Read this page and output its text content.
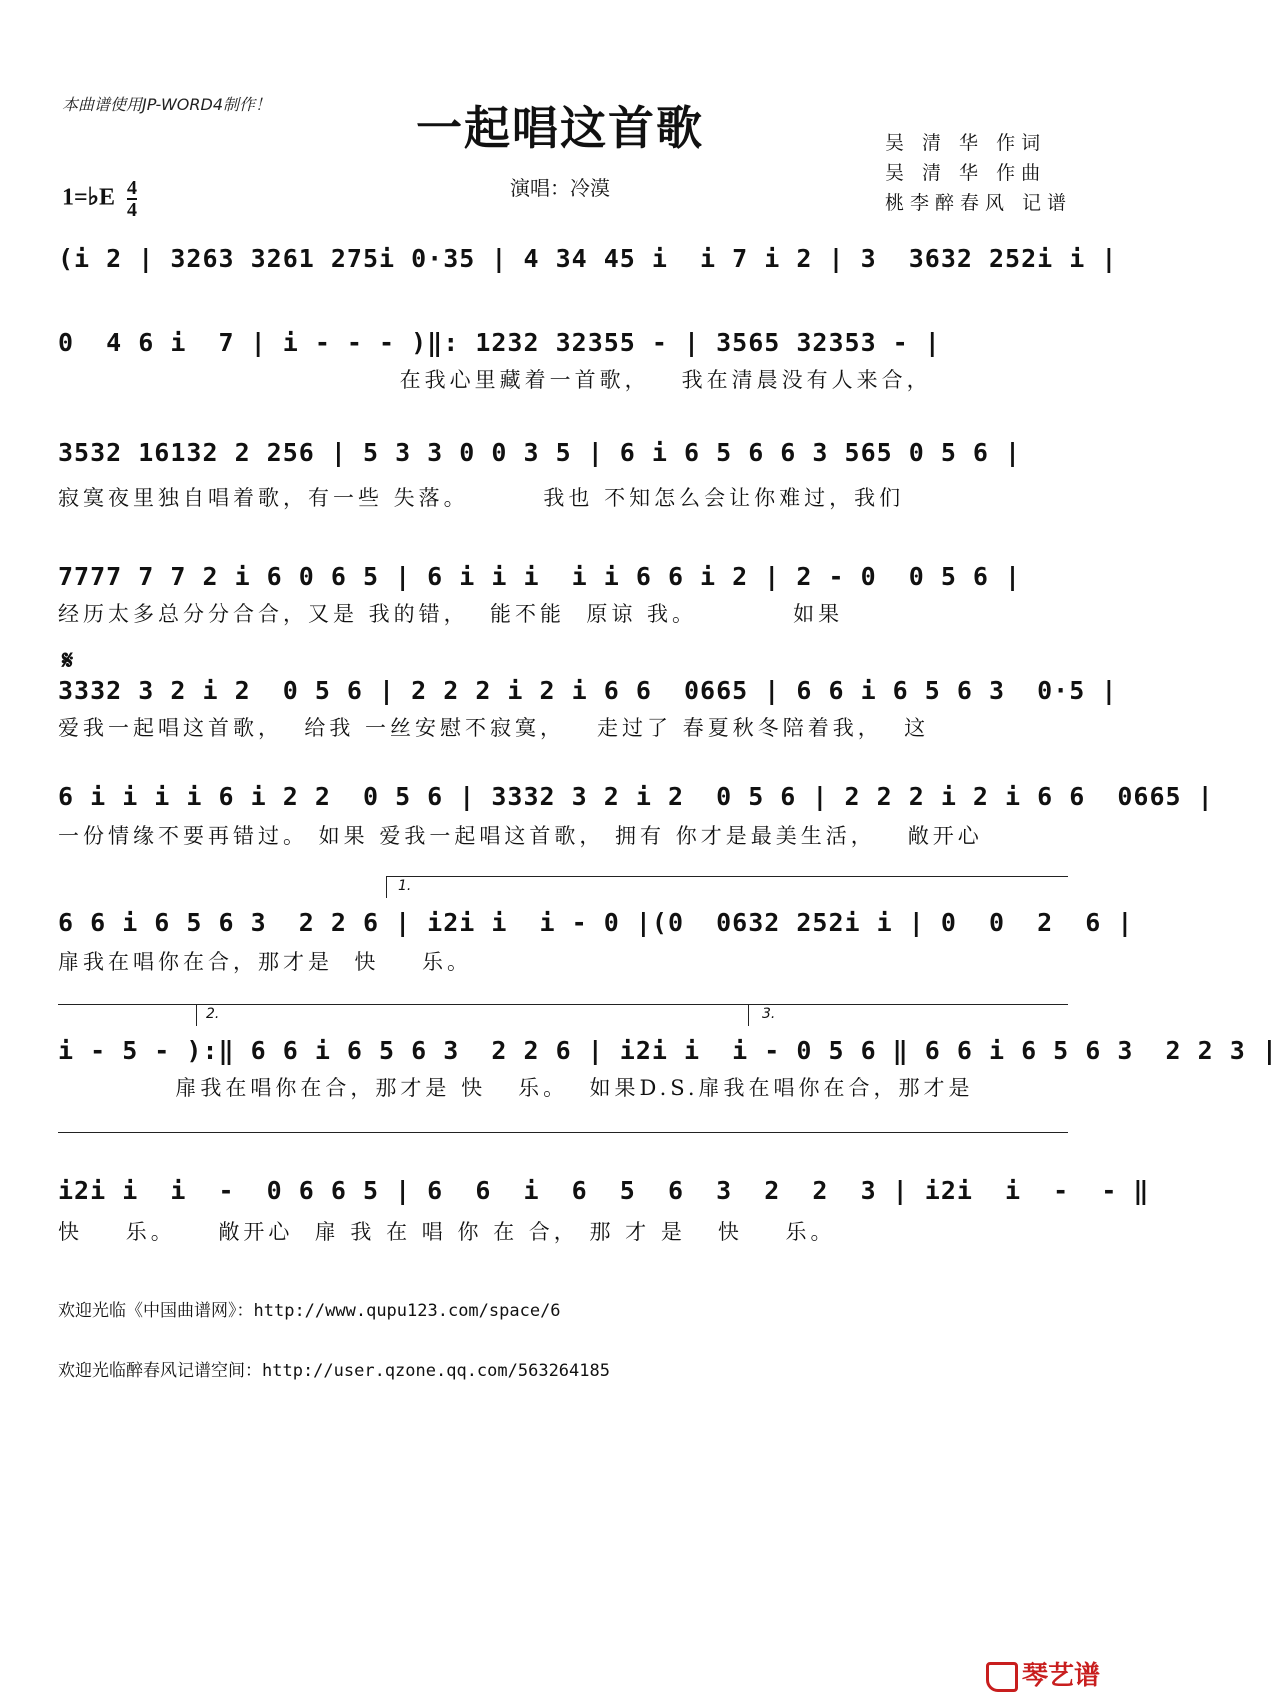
本曲谱使用JP-WORD4制作！	一起唱这首歌	吴 清 华 作词
吴 清 华 作曲
桃李醉春风 记谱
1=♭E $\frac{4}{4}$	演唱：冷漠
(i 2 | 3263 3261 275i 0·35 | 4 34 45 i  i 7 i 2 | 3  3632 252i i |
0  4 6 i  7 | i - - - )‖: 1232 32355 - | 3565 32353 - |
在我心里藏着一首歌，   我在清晨没有人来合，
3532 16132 2 256 | 5 3 3 0 0 3 5 | 6 i 6 5 6 6 3 565 0 5 6 |
寂寞夜里独自唱着歌，有一些 失落。       我也 不知怎么会让你难过，我们
7777 7 7 2 i 6 0 6 5 | 6 i i i  i i 6 6 i 2 | 2 - 0  0 5 6 |
经历太多总分分合合，又是 我的错，  能不能  原谅 我。         如果
𝄋
3332 3 2 i 2  0 5 6 | 2 2 2 i 2 i 6 6  0665 | 6 6 i 6 5 6 3  0·5 |
爱我一起唱这首歌，  给我 一丝安慰不寂寞，   走过了 春夏秋冬陪着我，  这
6 i i i i 6 i 2 2  0 5 6 | 3332 3 2 i 2  0 5 6 | 2 2 2 i 2 i 6 6  0665 |
一份情缘不要再错过。 如果 爱我一起唱这首歌， 拥有 你才是最美生活，   敞开心
1.
6 6 i 6 5 6 3  2 2 6 | i2i i  i - 0 |(0  0632 252i i | 0  0  2  6 |
扉我在唱你在合，那才是  快    乐。
2.	3.
i - 5 - ):‖ 6 6 i 6 5 6 3  2 2 6 | i2i i  i - 0 5 6 ‖ 6 6 i 6 5 6 3  2 2 3 |
扉我在唱你在合，那才是 快   乐。  如果D.S.扉我在唱你在合，那才是
i2i i  i  -  0 6 6 5 | 6  6  i  6  5  6  3  2  2  3 | i2i  i  -  - ‖
快    乐。    敞开心  扉 我 在 唱 你 在 合， 那 才 是   快    乐。
欢迎光临《中国曲谱网》：http://www.qupu123.com/space/6
欢迎光临醉春风记谱空间：http://user.qzone.qq.com/563264185
琴艺谱
